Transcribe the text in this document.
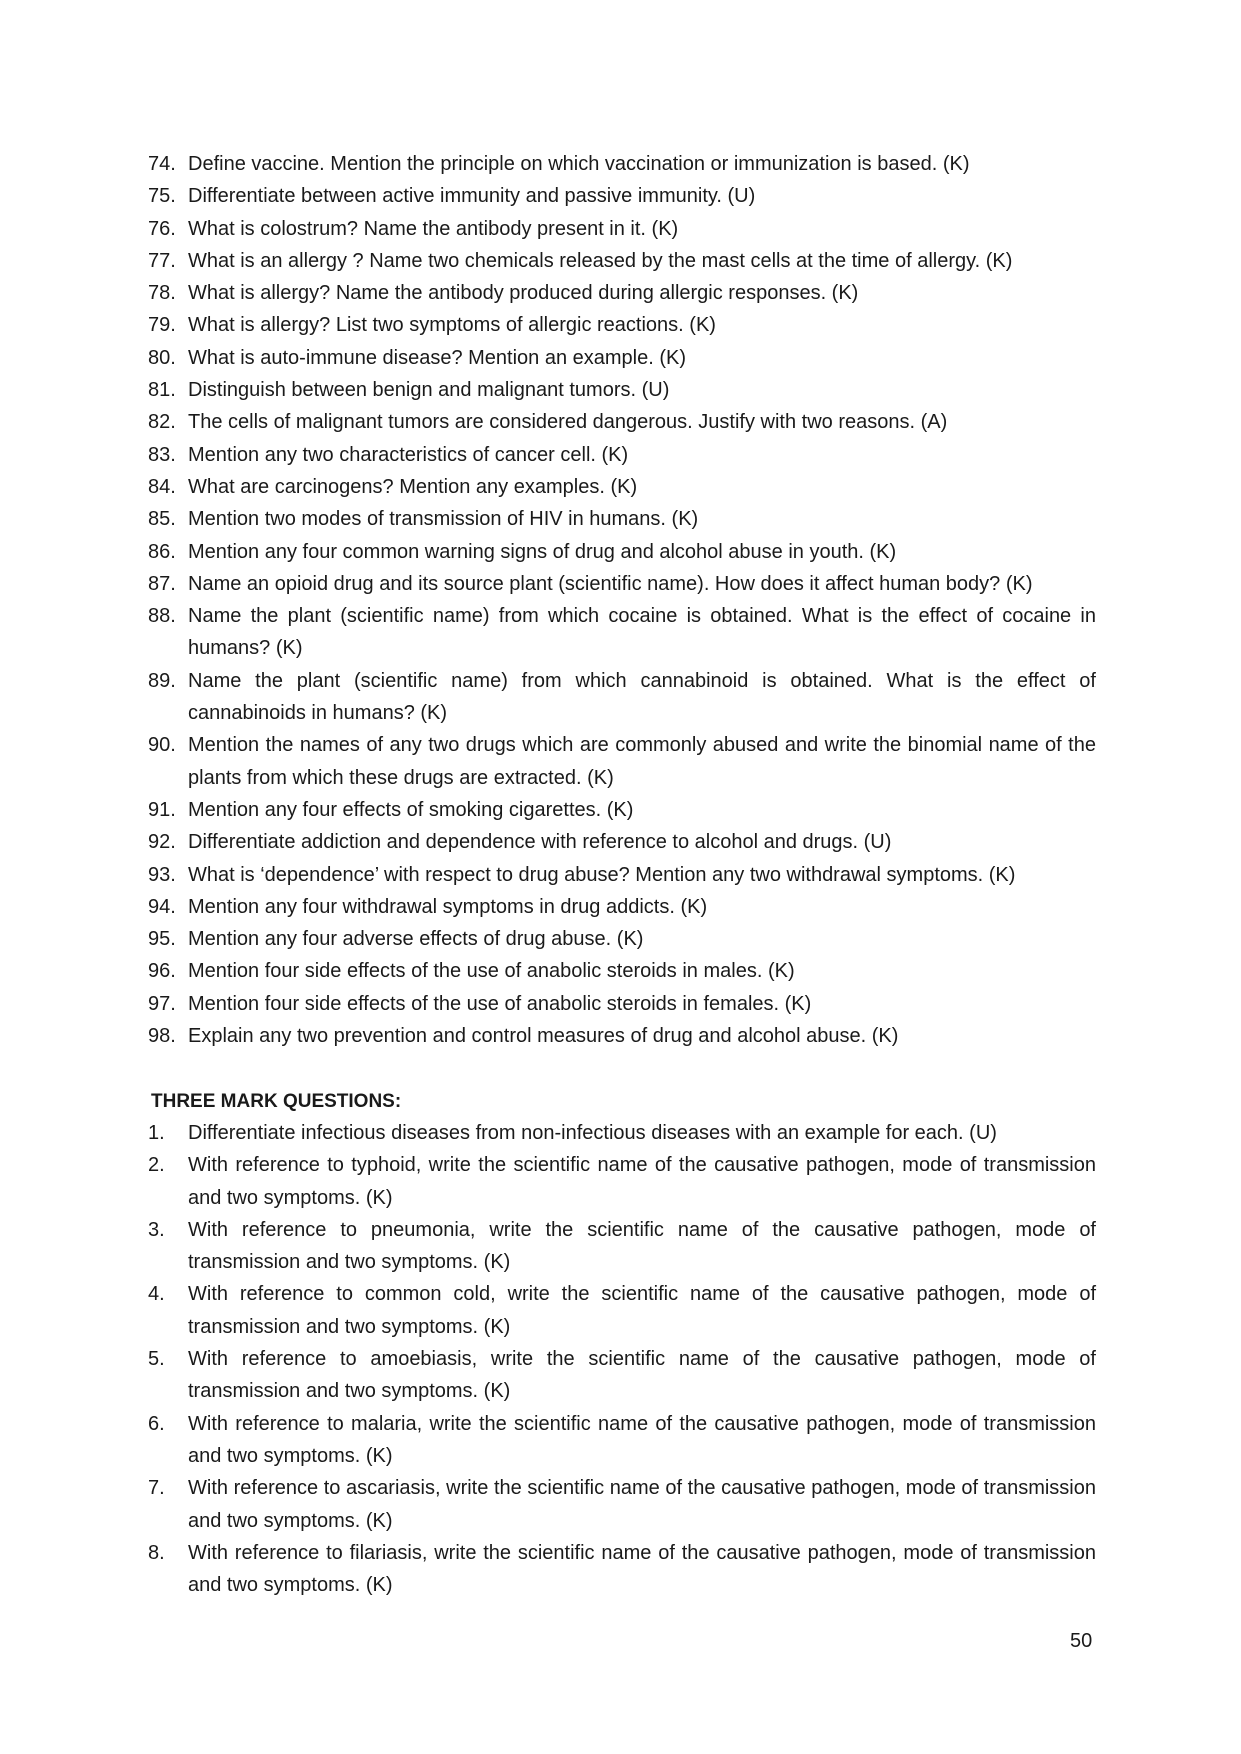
74. Define vaccine. Mention the principle on which vaccination or immunization is based. (K)
75. Differentiate between active immunity and passive immunity. (U)
76. What is colostrum? Name the antibody present in it. (K)
77. What is an allergy ? Name two chemicals released by the mast cells at the time of allergy. (K)
78. What is allergy? Name the antibody produced during allergic responses. (K)
79. What is allergy? List two symptoms of allergic reactions. (K)
80. What is auto-immune disease? Mention an example. (K)
81. Distinguish between benign and malignant tumors. (U)
82. The cells of malignant tumors are considered dangerous. Justify with two reasons. (A)
83. Mention any two characteristics of cancer cell. (K)
84. What are carcinogens? Mention any examples. (K)
85. Mention two modes of transmission of HIV in humans. (K)
86. Mention any four common warning signs of drug and alcohol abuse in youth. (K)
87. Name an opioid drug and its source plant (scientific name). How does it affect human body? (K)
88. Name the plant (scientific name) from which cocaine is obtained. What is the effect of cocaine in humans? (K)
89. Name the plant (scientific name) from which cannabinoid is obtained. What is the effect of cannabinoids in humans? (K)
90. Mention the names of any two drugs which are commonly abused and write the binomial name of the plants from which these drugs are extracted. (K)
91. Mention any four effects of smoking cigarettes. (K)
92. Differentiate addiction and dependence with reference to alcohol and drugs. (U)
93. What is ‘dependence’ with respect to drug abuse? Mention any two withdrawal symptoms. (K)
94. Mention any four withdrawal symptoms in drug addicts. (K)
95. Mention any four adverse effects of drug abuse. (K)
96. Mention four side effects of the use of anabolic steroids in males. (K)
97. Mention four side effects of the use of anabolic steroids in females. (K)
98. Explain any two prevention and control measures of drug and alcohol abuse. (K)
THREE MARK QUESTIONS:
1.	Differentiate infectious diseases from non-infectious diseases with an example for each. (U)
2.	With reference to typhoid, write the scientific name of the causative pathogen, mode of transmission and two symptoms. (K)
3.	With reference to pneumonia, write the scientific name of the causative pathogen, mode of transmission and two symptoms. (K)
4.	With reference to common cold, write the scientific name of the causative pathogen, mode of transmission and two symptoms. (K)
5.	With reference to amoebiasis, write the scientific name of the causative pathogen, mode of transmission and two symptoms. (K)
6.	With reference to malaria, write the scientific name of the causative pathogen, mode of transmission and two symptoms. (K)
7.	With reference to ascariasis, write the scientific name of the causative pathogen, mode of transmission and two symptoms. (K)
8.	With reference to filariasis, write the scientific name of the causative pathogen, mode of transmission and two symptoms. (K)
50
